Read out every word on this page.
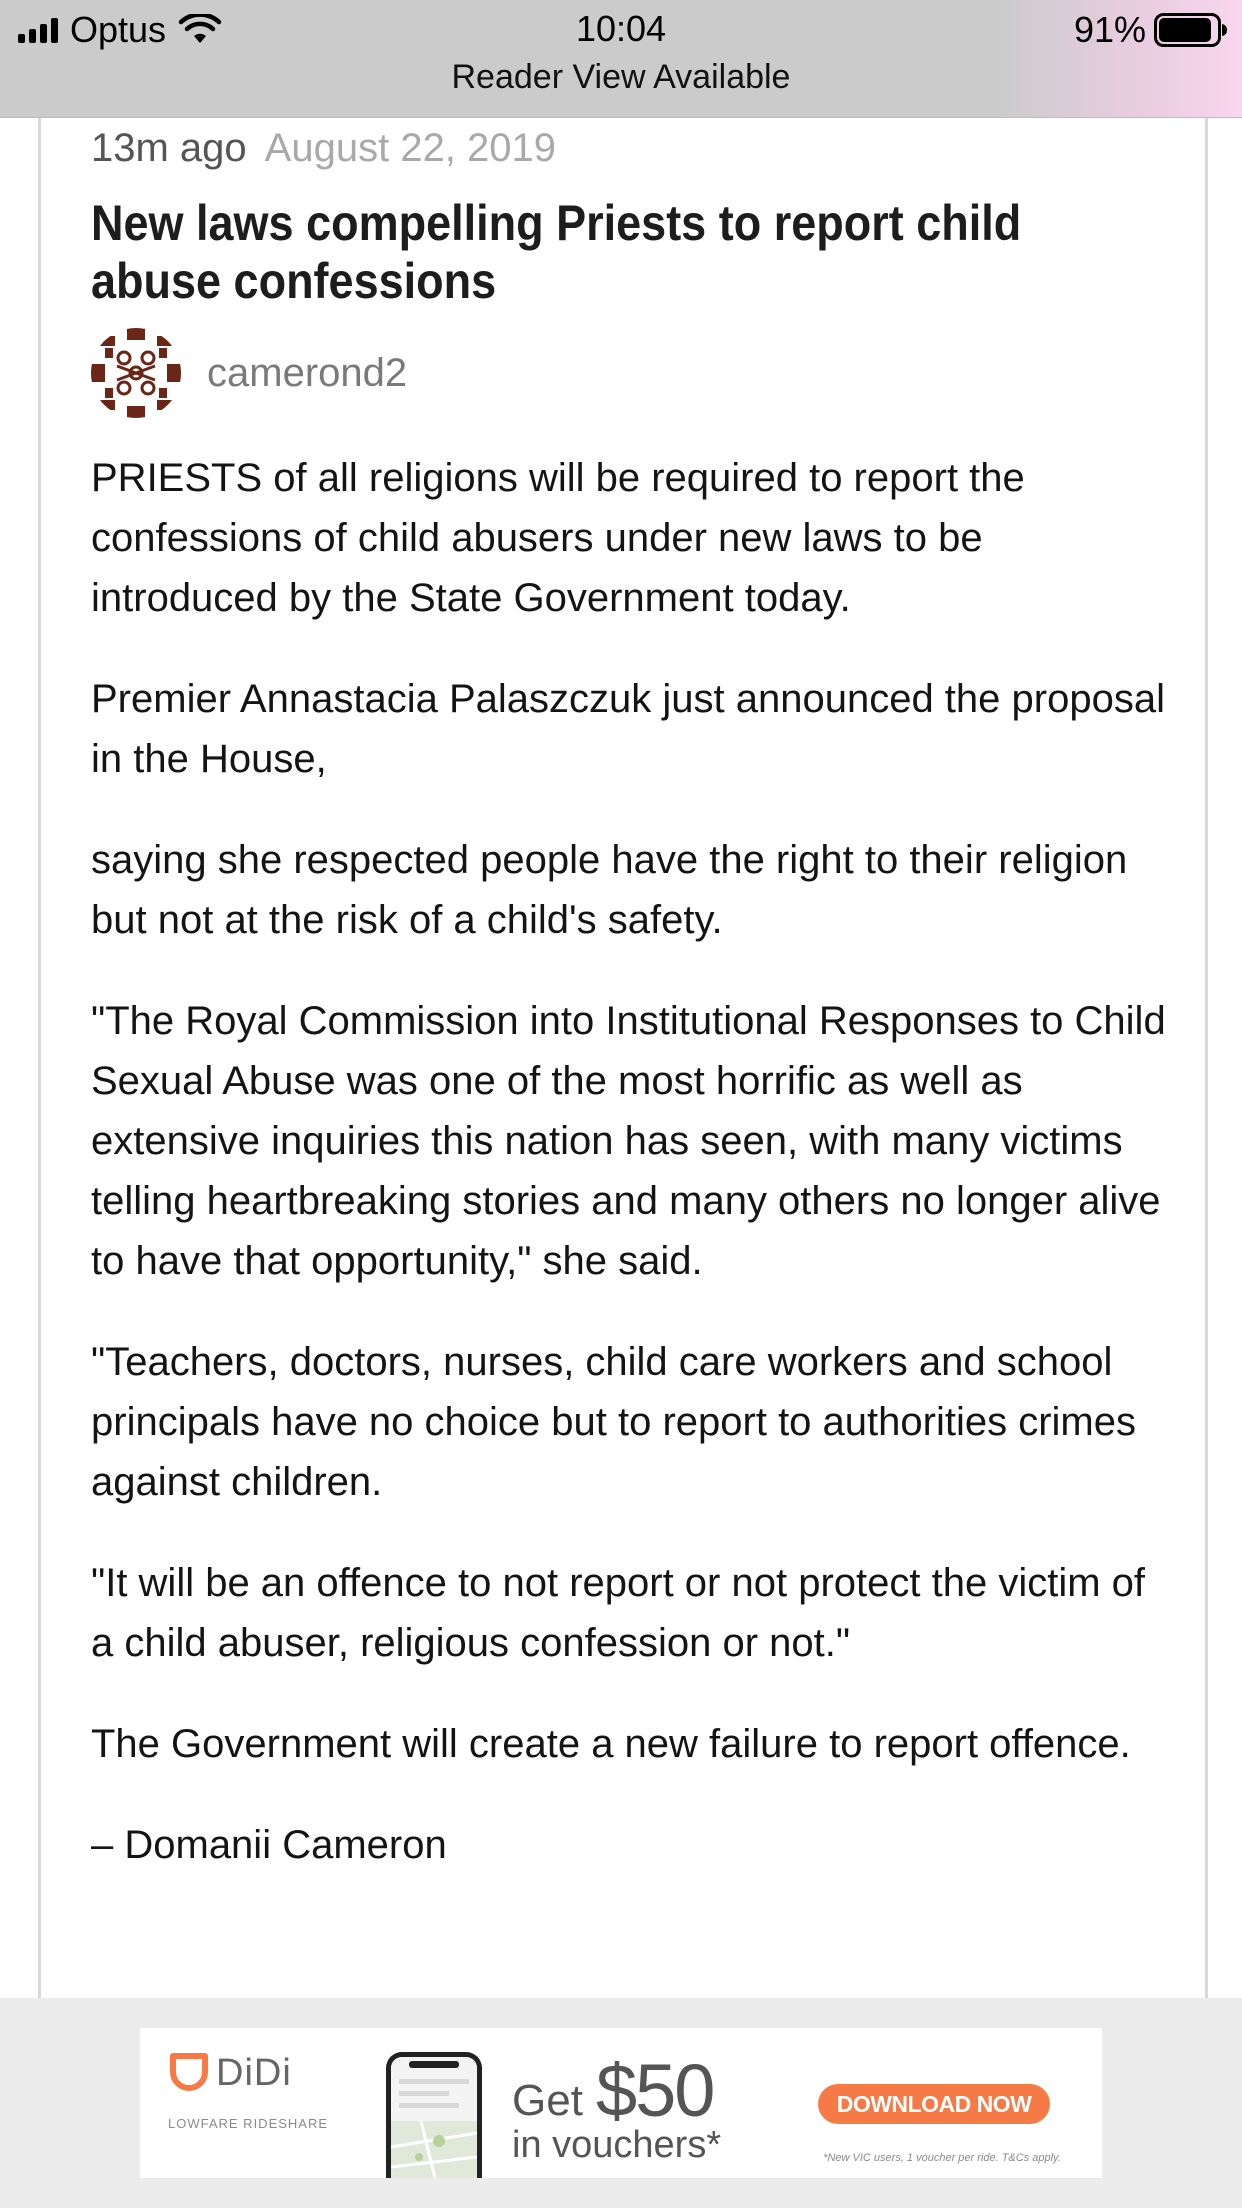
Optus	10:04
Reader View Available
91%
13m ago August 22, 2019
New laws compelling Priests to report child
abuse confessions
camerond2

PRIESTS of all religions will be required to report the confessions of child abusers under new laws to be introduced by the State Government today.

Premier Annastacia Palaszczuk just announced the proposal in the House,

saying she respected people have the right to their religion but not at the risk of a child's safety.

"The Royal Commission into Institutional Responses to Child Sexual Abuse was one of the most horrific as well as extensive inquiries this nation has seen, with many victims telling heartbreaking stories and many others no longer alive to have that opportunity," she said.

"Teachers, doctors, nurses, child care workers and school principals have no choice but to report to authorities crimes against children.

"It will be an offence to not report or not protect the victim of a child abuser, religious confession or not."

The Government will create a new failure to report offence.

– Domanii Cameron

DiDi
LOWFARE RIDESHARE	Get $50
in vouchers*
DOWNLOAD NOW
*New VIC users, 1 voucher per ride. T&Cs apply.
